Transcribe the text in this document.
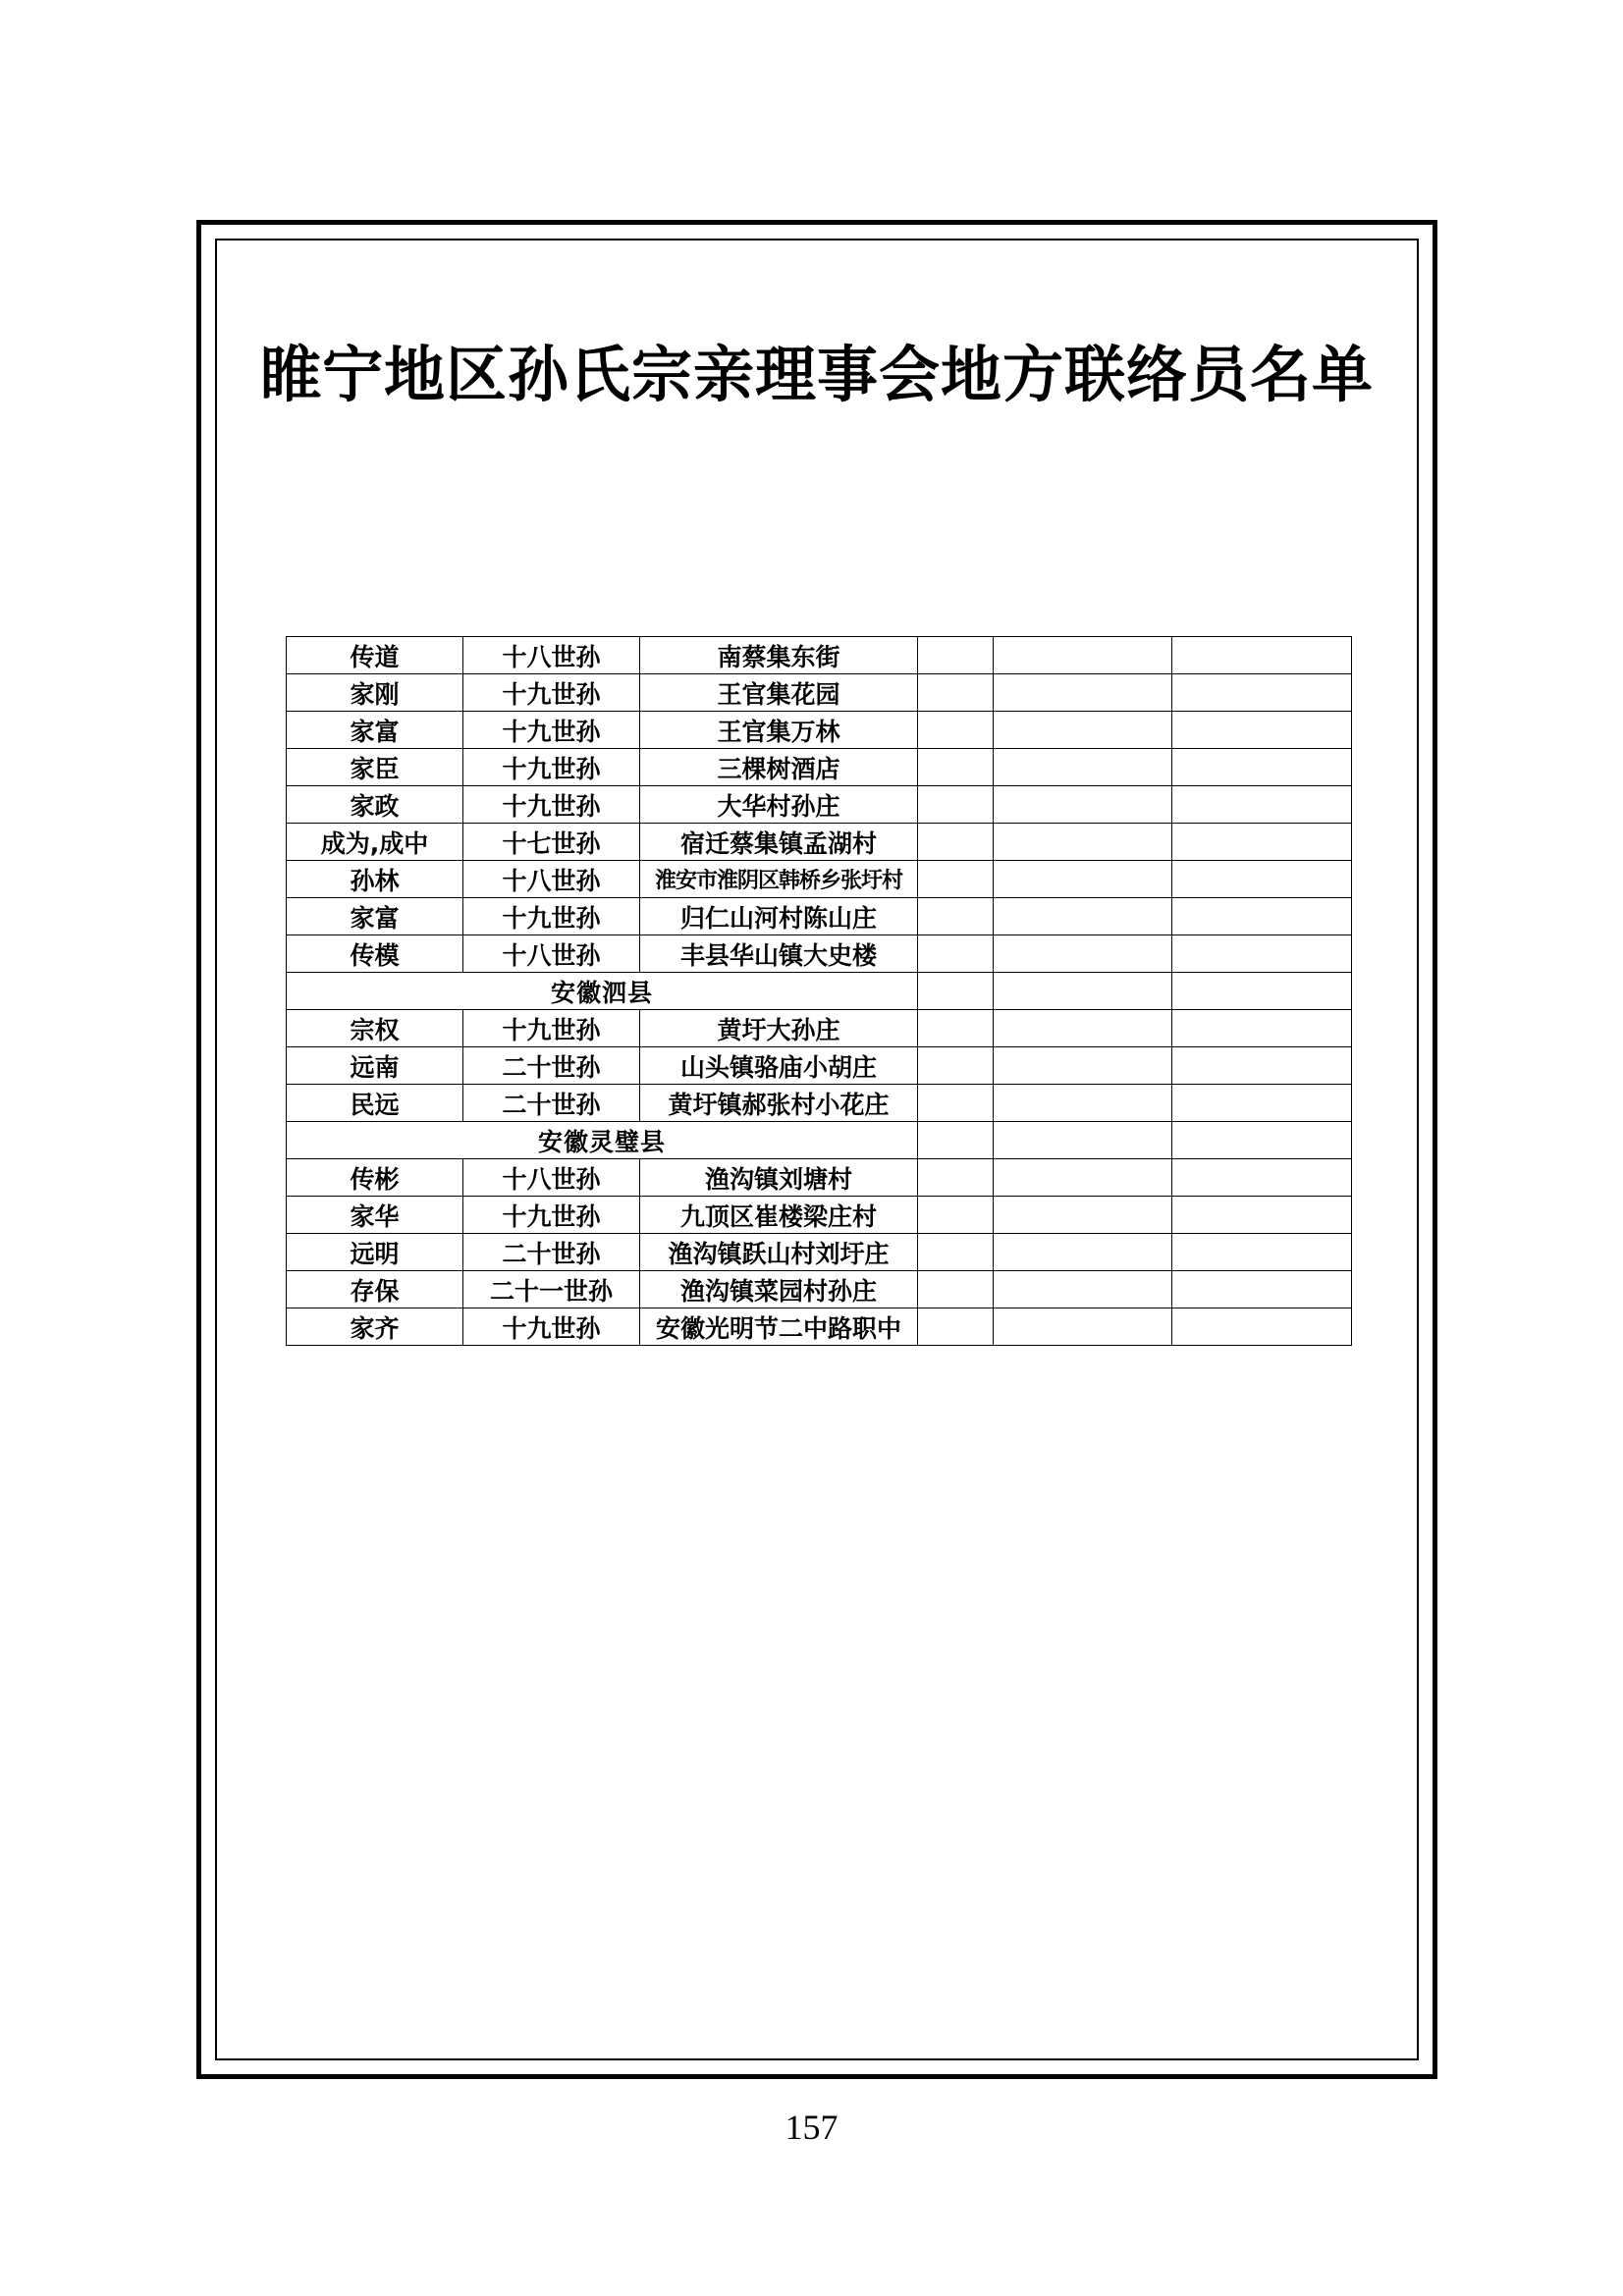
睢宁地区孙氏宗亲理事会地方联络员名单
传道	十八世孙	南蔡集东街			
家刚	十九世孙	王官集花园			
家富	十九世孙	王官集万林			
家臣	十九世孙	三棵树酒店			
家政	十九世孙	大华村孙庄			
成为,成中	十七世孙	宿迁蔡集镇孟湖村			
孙林	十八世孙	淮安市淮阴区韩桥乡张圩村			
家富	十九世孙	归仁山河村陈山庄			
传模	十八世孙	丰县华山镇大史楼			
安徽泗县					
宗权	十九世孙	黄圩大孙庄			
远南	二十世孙	山头镇骆庙小胡庄			
民远	二十世孙	黄圩镇郝张村小花庄			
安徽灵璧县					
传彬	十八世孙	渔沟镇刘塘村			
家华	十九世孙	九顶区崔楼梁庄村			
远明	二十世孙	渔沟镇跃山村刘圩庄			
存保	二十一世孙	渔沟镇菜园村孙庄			
家齐	十九世孙	安徽光明节二中路职中			
157
